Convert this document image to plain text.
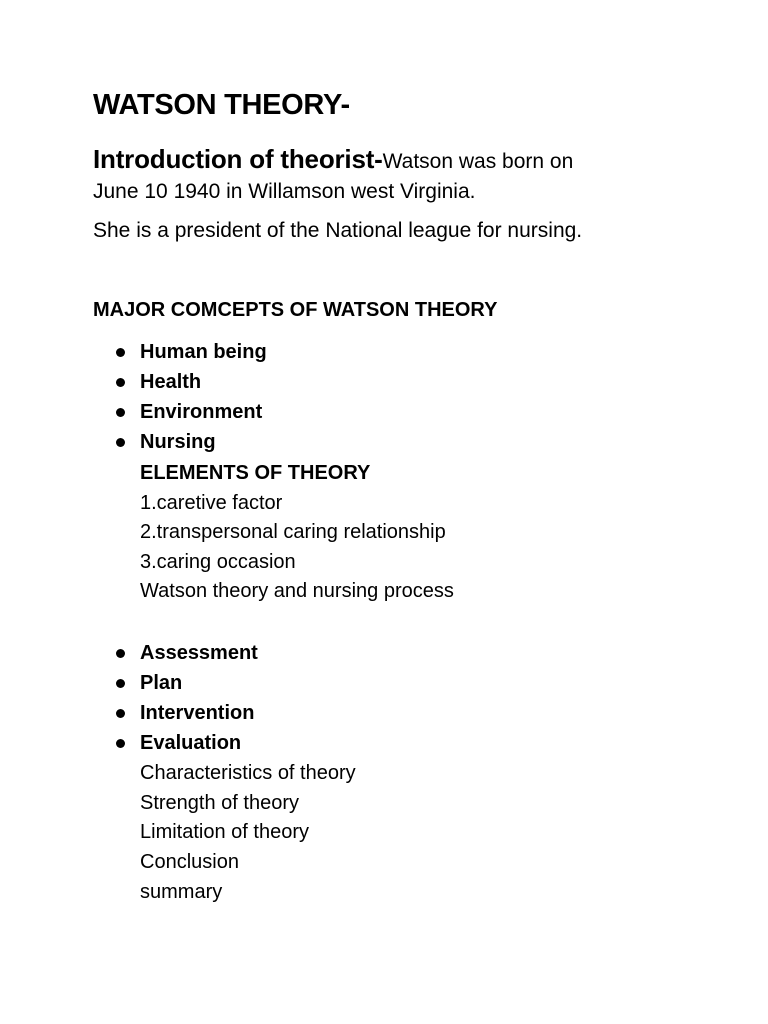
WATSON THEORY-
Introduction of theorist-Watson was born on
June 10 1940 in Willamson west Virginia.
She is a president of the National league for nursing.
MAJOR COMCEPTS OF WATSON THEORY
Human being
Health
Environment
Nursing
ELEMENTS OF THEORY
1.caretive factor
2.transpersonal caring relationship
3.caring occasion
Watson theory and nursing process
Assessment
Plan
Intervention
Evaluation
Characteristics of theory
Strength of theory
Limitation of theory
Conclusion
summary
